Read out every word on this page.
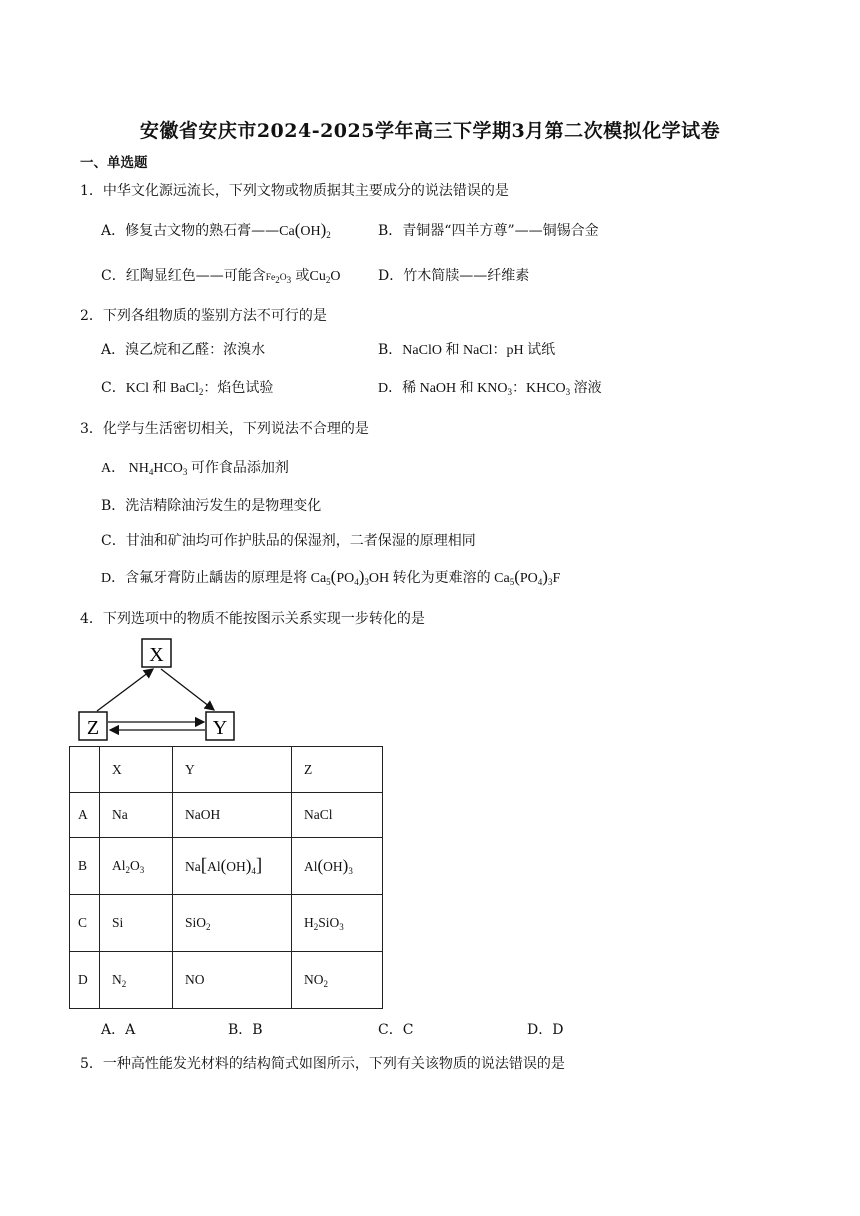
安徽省安庆市2024-2025学年高三下学期3月第二次模拟化学试卷
一、单选题
1．中华文化源远流长，下列文物或物质据其主要成分的说法错误的是
A．修复古文物的熟石膏$——Ca(OH)_2$	B．青铜器“四羊方尊”——铜锡合金
C．红陶显红色——可能含$Fe_2O_3$ 或$Cu_2O$	D．竹木简牍——纤维素
2．下列各组物质的鉴别方法不可行的是
A．溴乙烷和乙醛：浓溴水	B．NaClO 和 NaCl：pH 试纸
C．KCl 和 BaCl$_2$：焰色试验	D．稀 NaOH 和 $KNO_3$：$KHCO_3$ 溶液
3．化学与生活密切相关，下列说法不合理的是
A． $NH_4HCO_3$ 可作食品添加剂
B．洗洁精除油污发生的是物理变化
C．甘油和矿油均可作护肤品的保湿剂，二者保湿的原理相同
D．含氟牙膏防止龋齿的原理是将 $Ca_5(PO_4)_3OH$ 转化为更难溶的 $Ca_5(PO_4)_3F$
4．下列选项中的物质不能按图示关系实现一步转化的是
X
Z	Y
	X	Y	Z
A	Na	NaOH	NaCl
B	$Al_2O_3$	$Na[Al(OH)_4]$	$Al(OH)_3$
C	Si	SiO$_2$	$H_2SiO_3$
D	$N_2$	NO	$NO_2$
A．A	B．B	C．C	D．D
5．一种高性能发光材料的结构简式如图所示，下列有关该物质的说法错误的是
